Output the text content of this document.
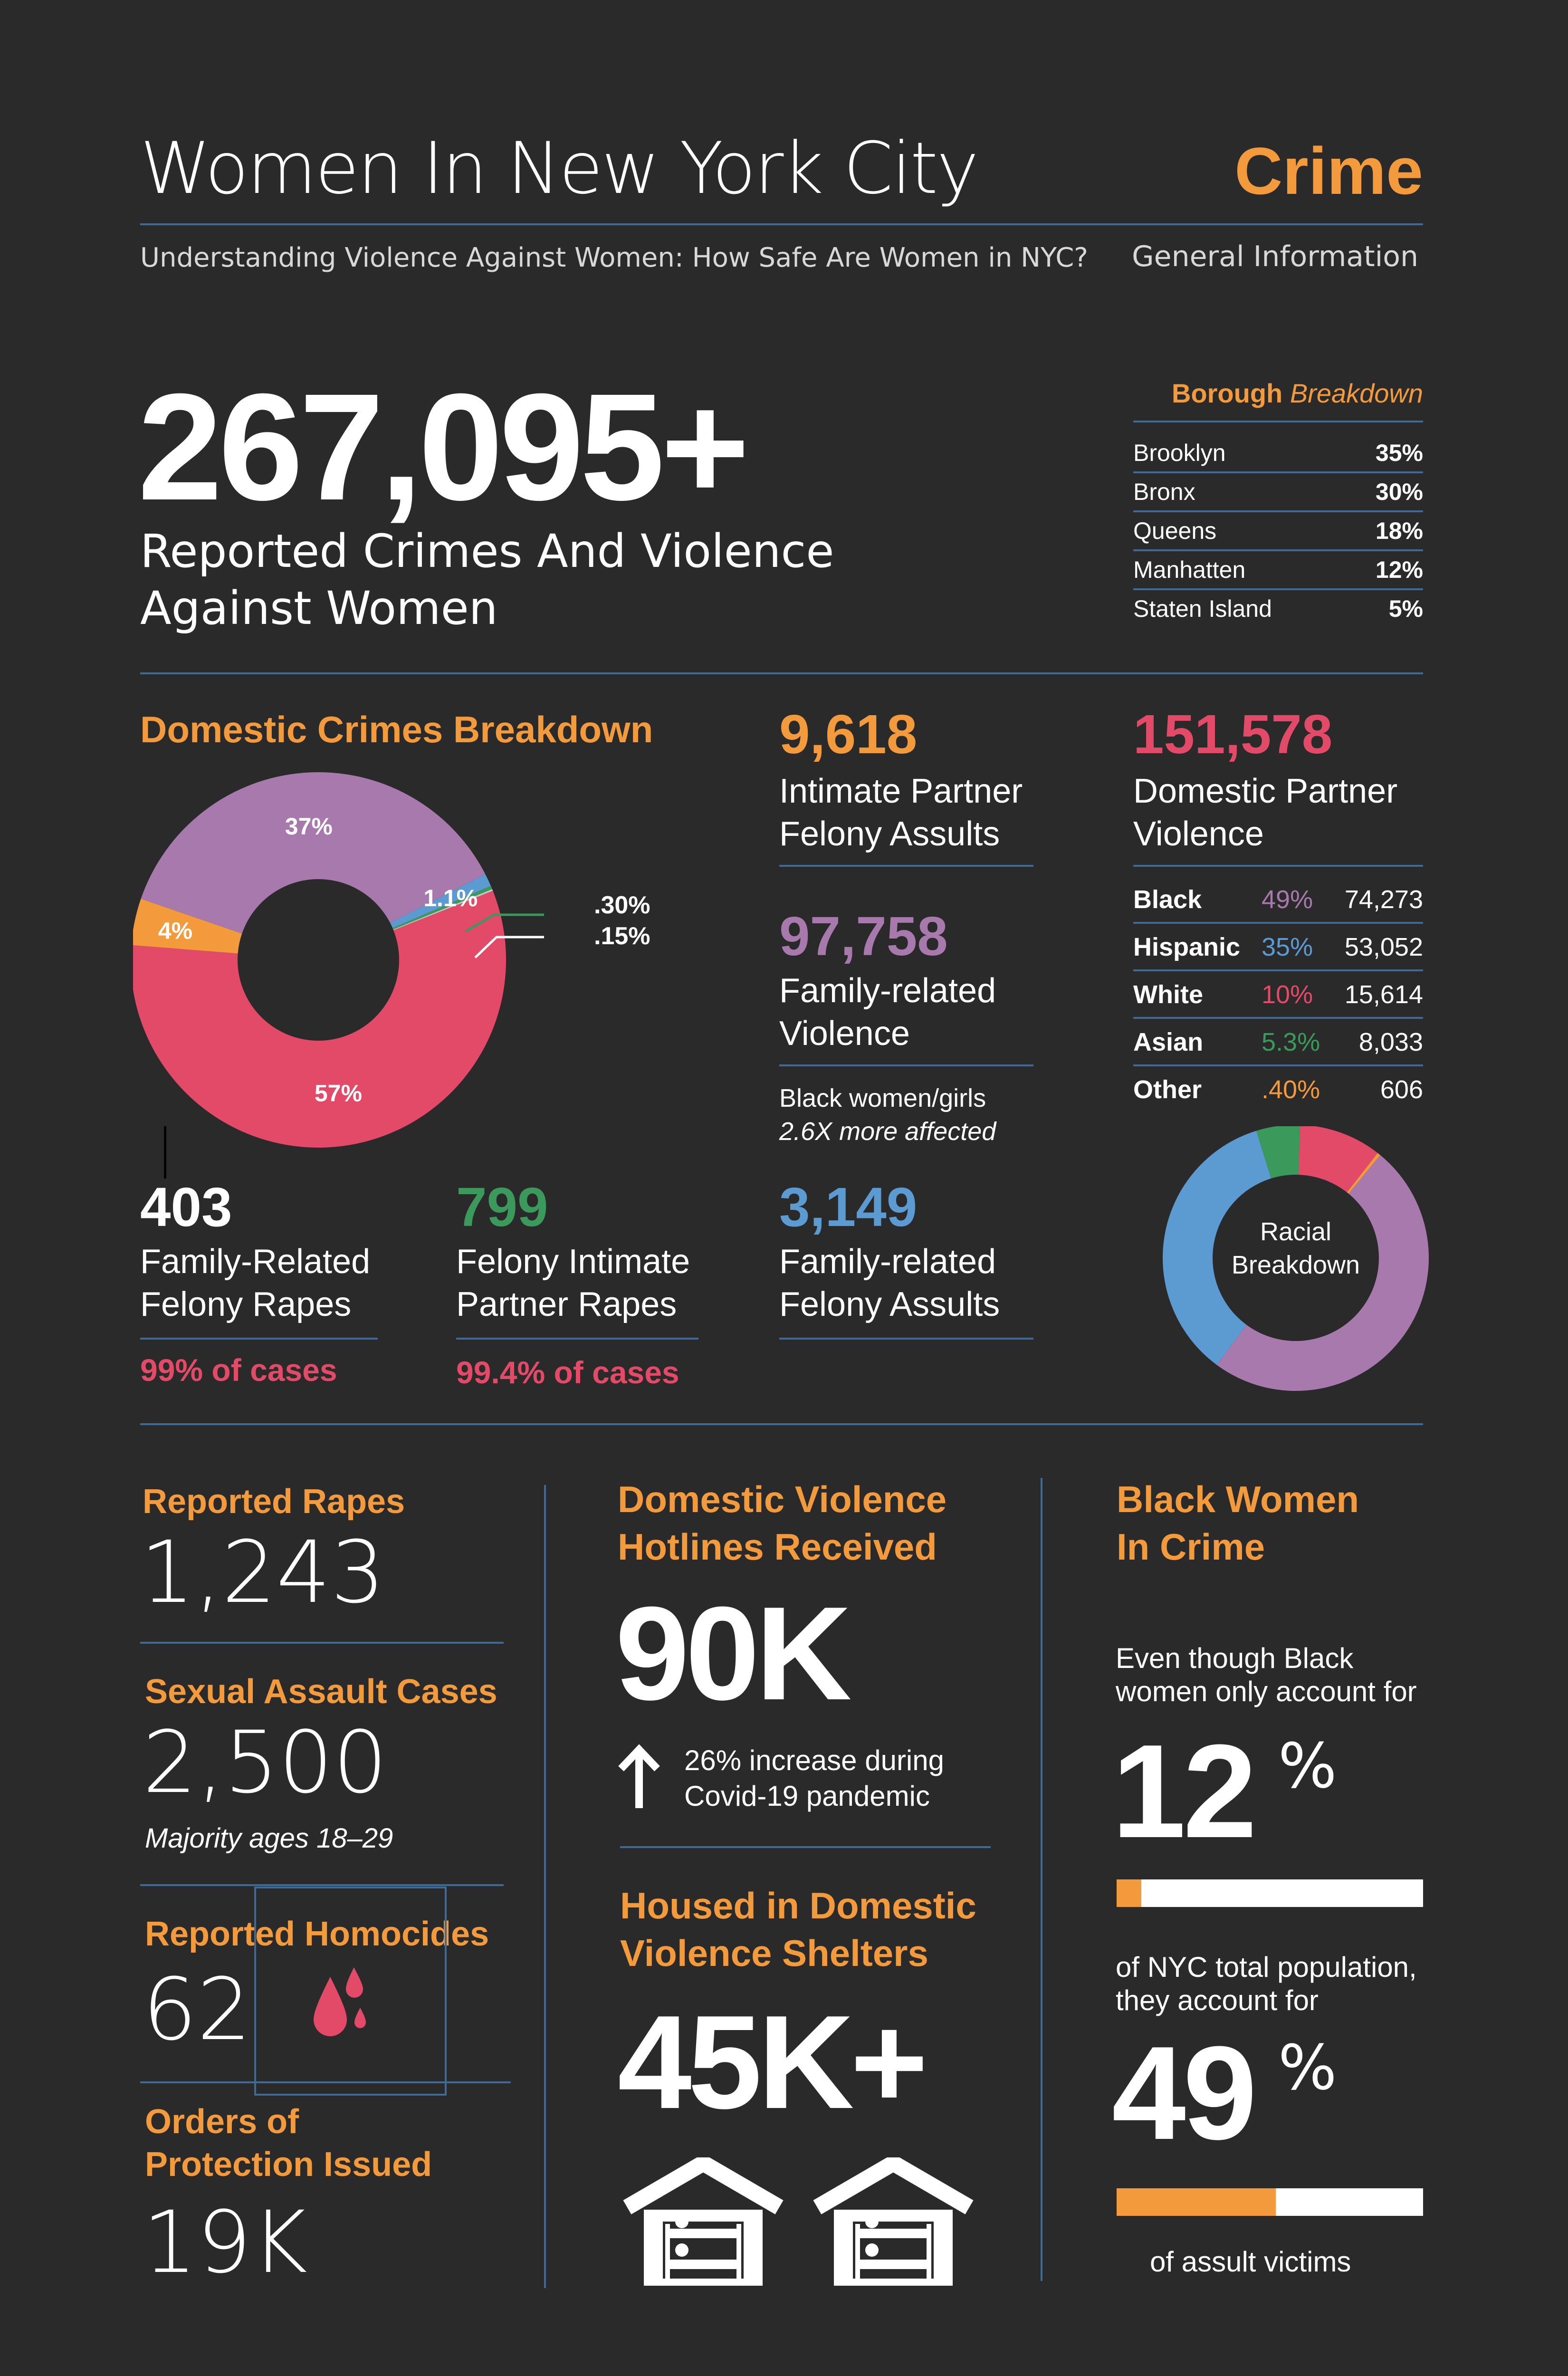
Women In New York City	Crime
Understanding Violence Against Women: How Safe Are Women in NYC? General Information
267,095+
Reported Crimes And Violence
Against Women
Borough Breakdown
Brooklyn	35%
Bronx	30%
Queens	18%
Manhatten	12%
Staten Island	5%
Domestic Crimes Breakdown
37%
1.1%
57%
4%
.30%
.15%
403
Family-Related
Felony Rapes
99% of cases
799
Felony Intimate
Partner Rapes
99.4% of cases
9,618
Intimate Partner
Felony Assults
97,758
Family-related
Violence
Black women/girls
2.6X more affected
3,149
Family-related
Felony Assults
151,578
Domestic Partner
Violence
Black 49% 74,273
Hispanic 35% 53,052
White 10% 15,614
Asian 5.3% 8,033
Other .40% 606
Racial
Breakdown
Reported Rapes
1,243
Sexual Assault Cases
2,500
Majority ages 18–29
Reported Homocides
62
Orders of
Protection Issued
19K
Domestic Violence
Hotlines Received
90K
26% increase during
Covid-19 pandemic
Housed in Domestic
Violence Shelters
45K+
Black Women
In Crime
Even though Black
women only account for
12 %
of NYC total population,
they account for
49 %
of assult victims
